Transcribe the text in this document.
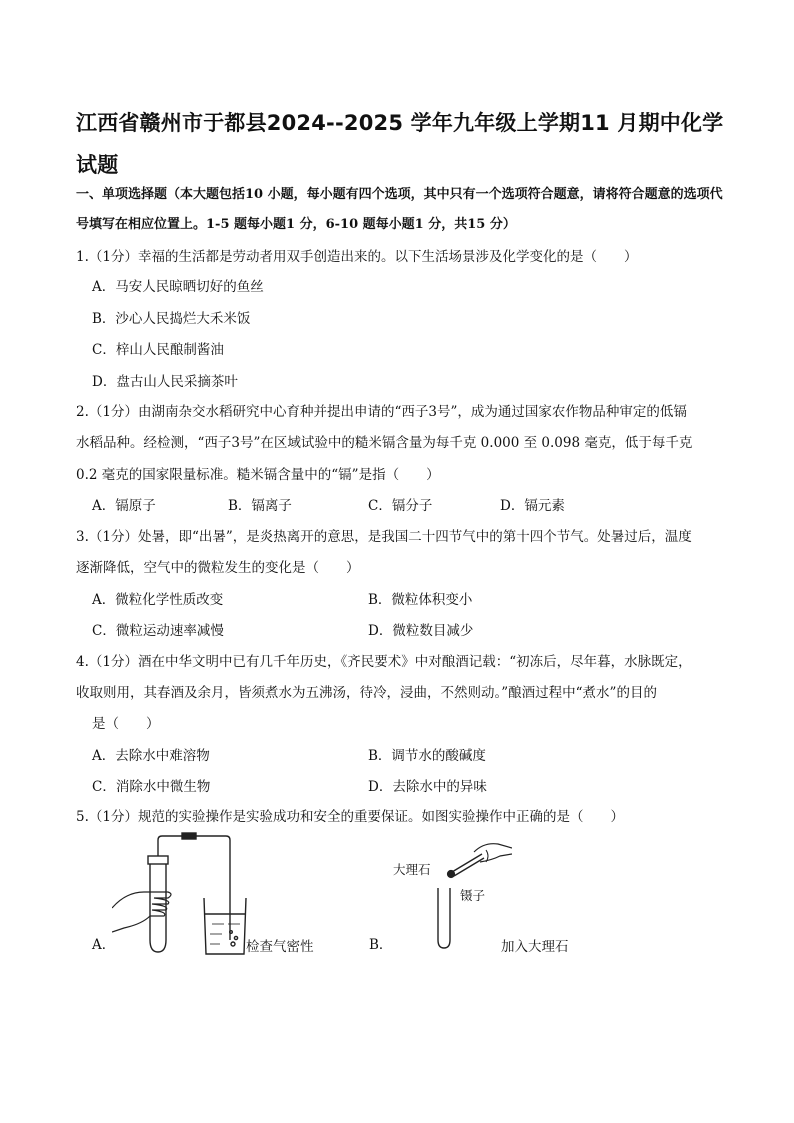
江西省赣州市于都县2024--2025 学年九年级上学期11 月期中化学试题
一、单项选择题（本大题包括10 小题，每小题有四个选项，其中只有一个选项符合题意，请将符合题意的选项代号填写在相应位置上。1-5 题每小题1 分，6-10 题每小题1 分，共15 分）
1.（1分）幸福的生活都是劳动者用双手创造出来的。以下生活场景涉及化学变化的是（　　）
A．马安人民晾晒切好的鱼丝
B．沙心人民捣烂大禾米饭
C．梓山人民酿制酱油
D．盘古山人民采摘茶叶
2.（1分）由湖南杂交水稻研究中心育种并提出申请的“西子3号”，成为通过国家农作物品种审定的低镉
水稻品种。经检测，“西子3号”在区域试验中的糙米镉含量为每千克 0.000 至 0.098 毫克，低于每千克
0.2 毫克的国家限量标准。糙米镉含量中的“镉”是指（　　）
A．镉原子	B．镉离子	C．镉分子	D．镉元素
3.（1分）处暑，即“出暑”，是炎热离开的意思，是我国二十四节气中的第十四个节气。处暑过后，温度
逐渐降低，空气中的微粒发生的变化是（　　）
A．微粒化学性质改变	B．微粒体积变小
C．微粒运动速率减慢	D．微粒数目减少
4.（1分）酒在中华文明中已有几千年历史，《齐民要术》中对酿酒记载：“初冻后，尽年暮，水脉既定，
收取则用，其春酒及余月，皆须煮水为五沸汤，待冷，浸曲，不然则动。”酿酒过程中“煮水”的目的
是（　　）
A．去除水中难溶物	B．调节水的酸碱度
C．消除水中微生物	D．去除水中的异味
5.（1分）规范的实验操作是实验成功和安全的重要保证。如图实验操作中正确的是（　　）
A．	检查气密性	B．
大理石
镊子
加入大理石
